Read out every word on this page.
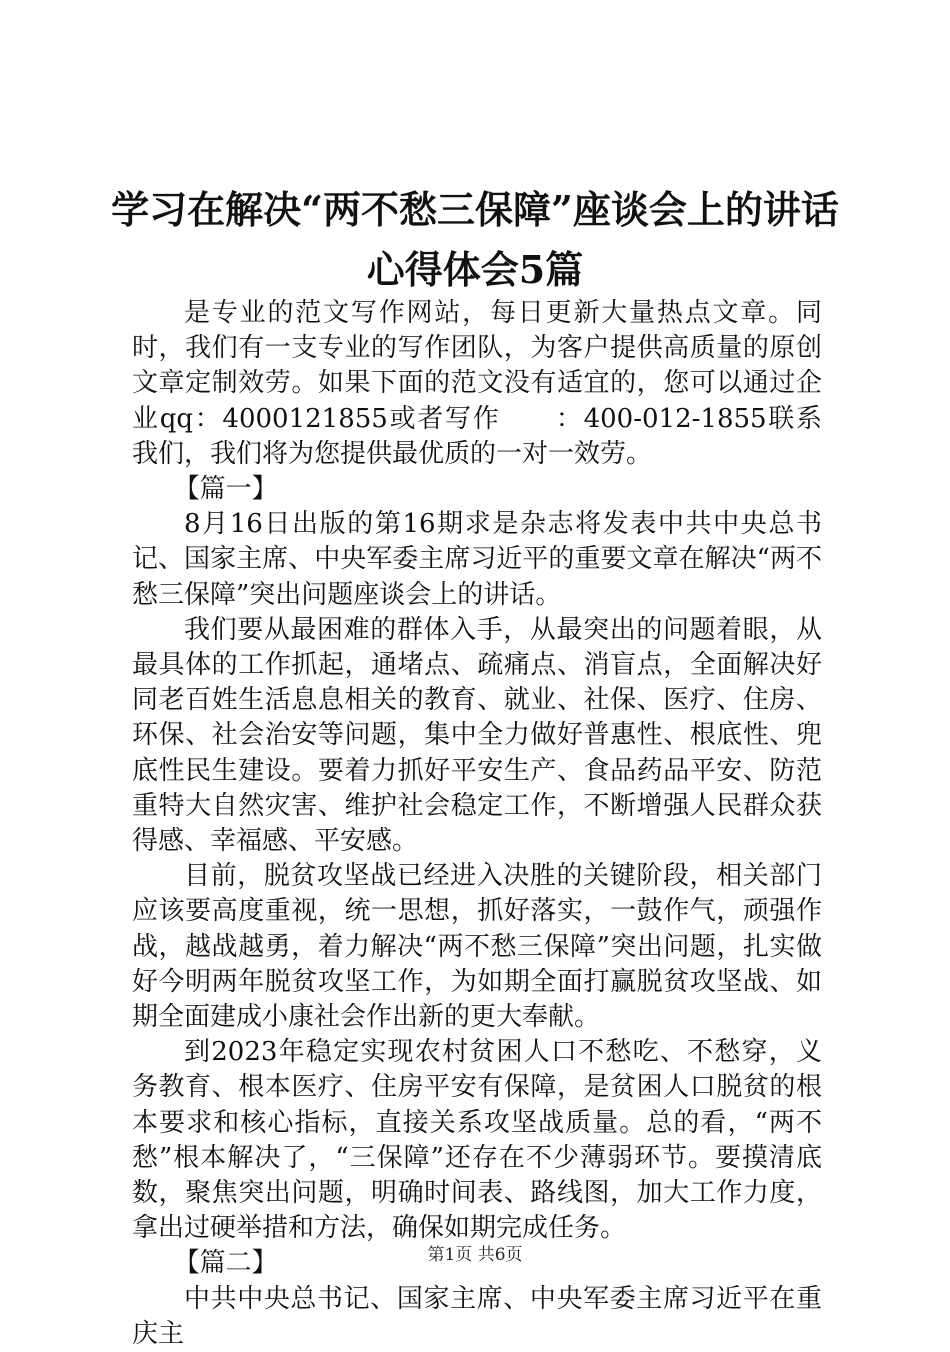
学习在解决“两不愁三保障”座谈会上的讲话
心得体会5篇

是专业的范文写作网站，每日更新大量热点文章。同时，我们有一支专业的写作团队，为客户提供高质量的原创文章定制效劳。如果下面的范文没有适宜的，您可以通过企业qq：4000121855或者写作　　：400-012-1855联系我们，我们将为您提供最优质的一对一效劳。

【篇一】

8月16日出版的第16期求是杂志将发表中共中央总书记、国家主席、中央军委主席习近平的重要文章在解决“两不愁三保障”突出问题座谈会上的讲话。

我们要从最困难的群体入手，从最突出的问题着眼，从最具体的工作抓起，通堵点、疏痛点、消盲点，全面解决好同老百姓生活息息相关的教育、就业、社保、医疗、住房、环保、社会治安等问题，集中全力做好普惠性、根底性、兜底性民生建设。要着力抓好平安生产、食品药品平安、防范重特大自然灾害、维护社会稳定工作，不断增强人民群众获得感、幸福感、平安感。

目前，脱贫攻坚战已经进入决胜的关键阶段，相关部门应该要高度重视，统一思想，抓好落实，一鼓作气，顽强作战，越战越勇，着力解决“两不愁三保障”突出问题，扎实做好今明两年脱贫攻坚工作，为如期全面打赢脱贫攻坚战、如期全面建成小康社会作出新的更大奉献。

到2023年稳定实现农村贫困人口不愁吃、不愁穿，义务教育、根本医疗、住房平安有保障，是贫困人口脱贫的根本要求和核心指标，直接关系攻坚战质量。总的看，“两不愁”根本解决了，“三保障”还存在不少薄弱环节。要摸清底数，聚焦突出问题，明确时间表、路线图，加大工作力度，拿出过硬举措和方法，确保如期完成任务。

【篇二】

中共中央总书记、国家主席、中央军委主席习近平在重庆主

第1页 共6页
